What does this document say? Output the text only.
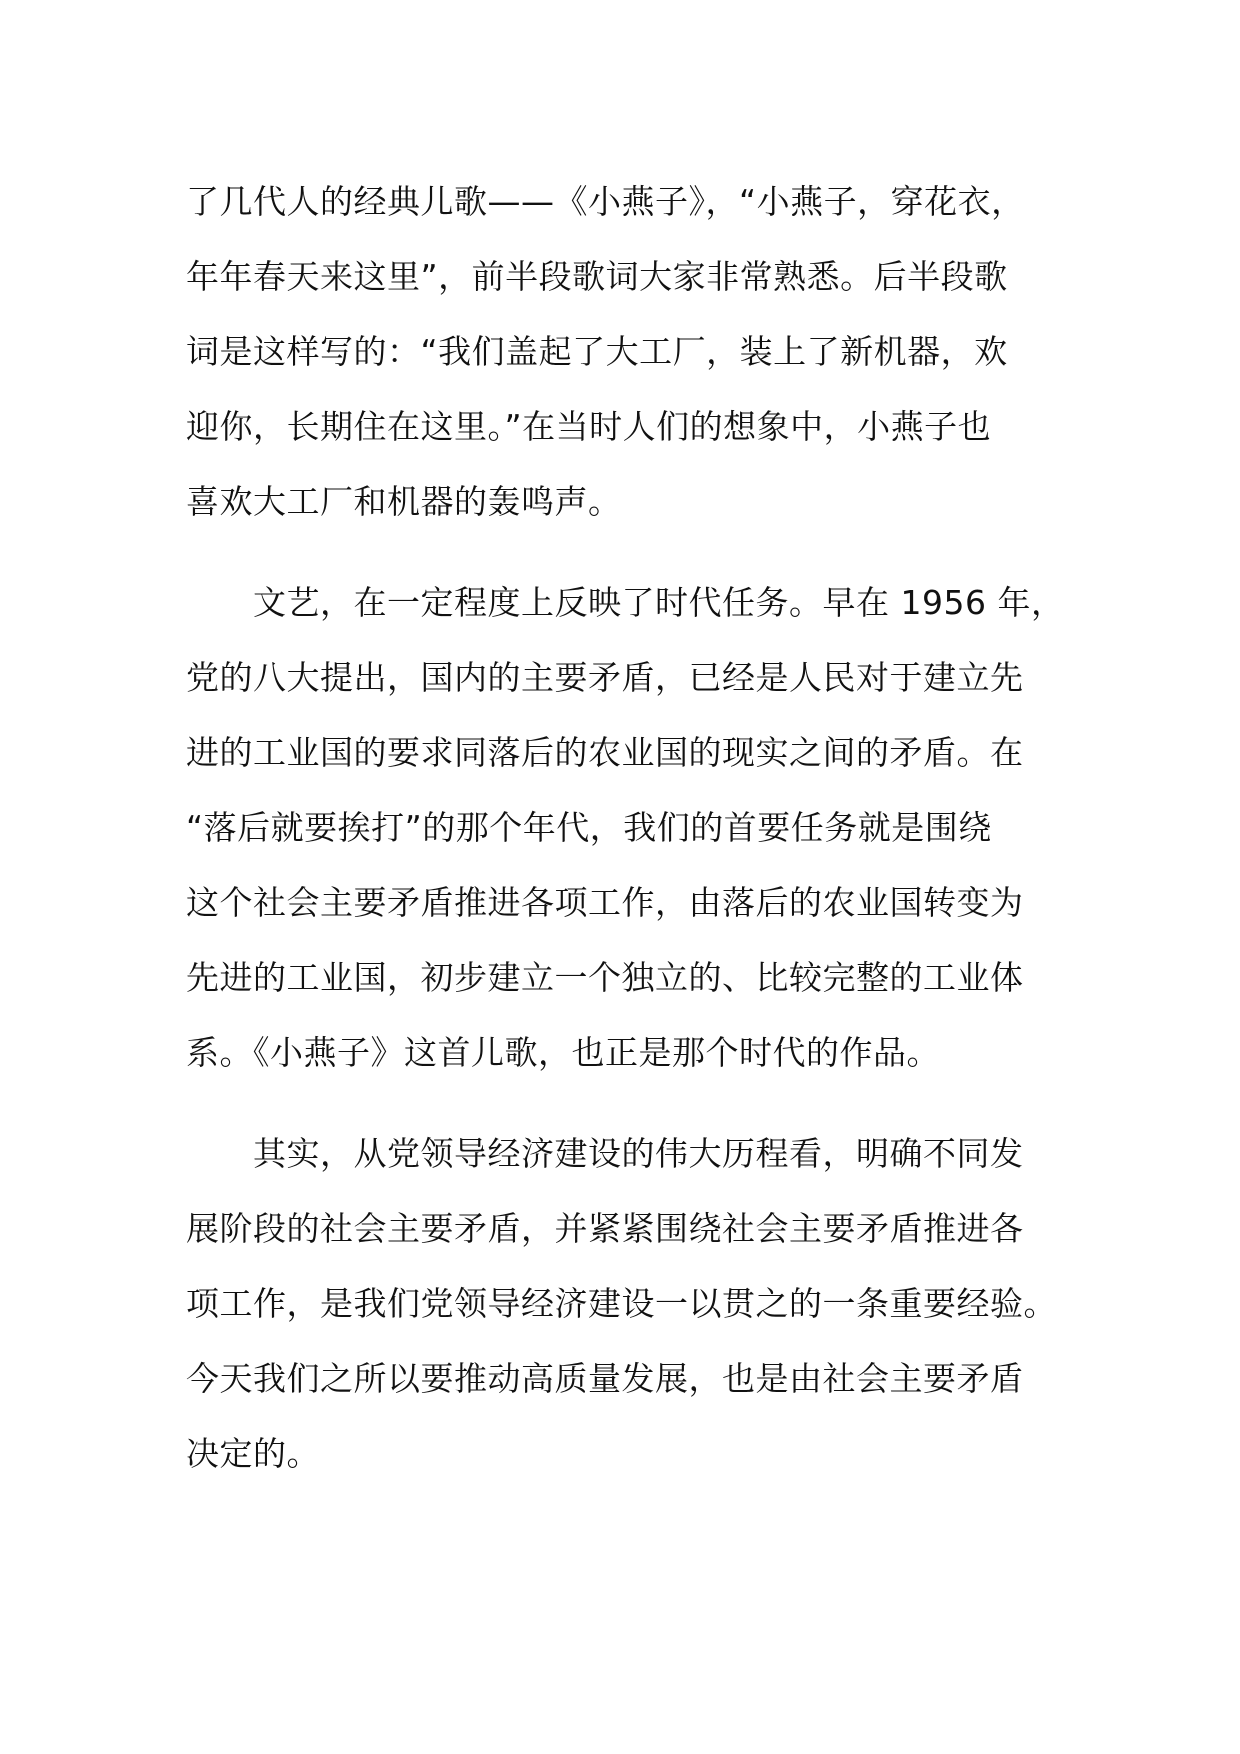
了几代人的经典儿歌——《小燕子》，“小燕子，穿花衣，
年年春天来这里”，前半段歌词大家非常熟悉。后半段歌
词是这样写的：“我们盖起了大工厂，装上了新机器，欢
迎你，长期住在这里。”在当时人们的想象中，小燕子也
喜欢大工厂和机器的轰鸣声。
　　文艺，在一定程度上反映了时代任务。早在 1956 年，
党的八大提出，国内的主要矛盾，已经是人民对于建立先
进的工业国的要求同落后的农业国的现实之间的矛盾。在
“落后就要挨打”的那个年代，我们的首要任务就是围绕
这个社会主要矛盾推进各项工作，由落后的农业国转变为
先进的工业国，初步建立一个独立的、比较完整的工业体
系。《小燕子》这首儿歌，也正是那个时代的作品。
　　其实，从党领导经济建设的伟大历程看，明确不同发
展阶段的社会主要矛盾，并紧紧围绕社会主要矛盾推进各
项工作，是我们党领导经济建设一以贯之的一条重要经验。
今天我们之所以要推动高质量发展，也是由社会主要矛盾
决定的。
